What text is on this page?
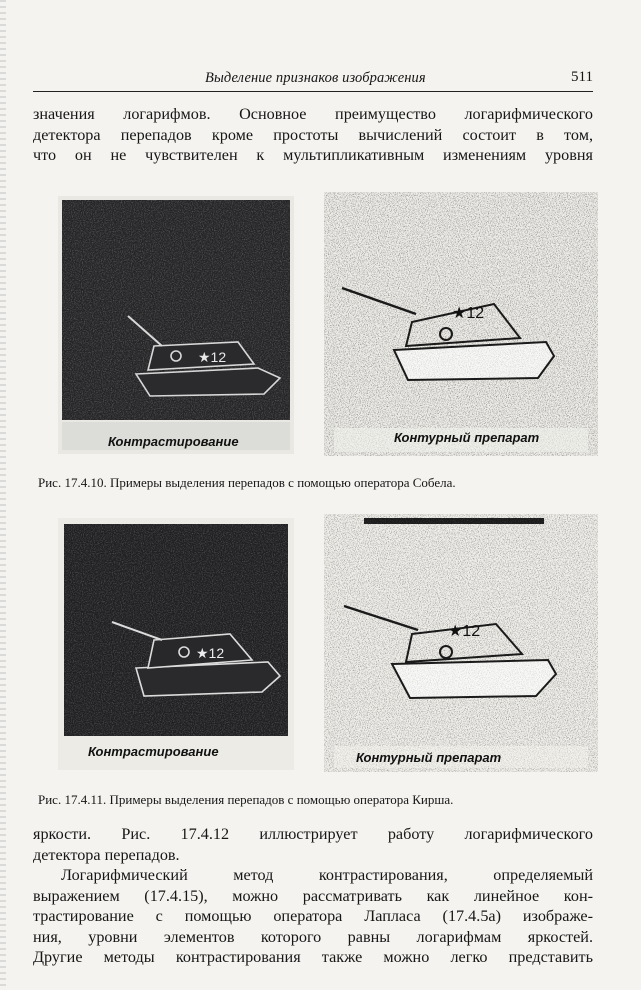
Выделение признаков изображения	511
значения логарифмов. Основное преимущество логарифмического
детектора перепадов кроме простоты вычислений состоит в том,
что он не чувствителен к мультипликативным изменениям уровня
★12
Контрастирование
★12
Контурный препарат

Рис. 17.4.10. Примеры выделения перепадов с помощью оператора Собела.

★12
Контрастирование
★12
Контурный препарат

Рис. 17.4.11. Примеры выделения перепадов с помощью оператора Кирша.

яркости. Рис. 17.4.12 иллюстрирует работу логарифмического
детектора перепадов.
Логарифмический метод контрастирования, определяемый
выражением (17.4.15), можно рассматривать как линейное кон-
трастирование с помощью оператора Лапласа (17.4.5а) изображе-
ния, уровни элементов которого равны логарифмам яркостей.
Другие методы контрастирования также можно легко представить
